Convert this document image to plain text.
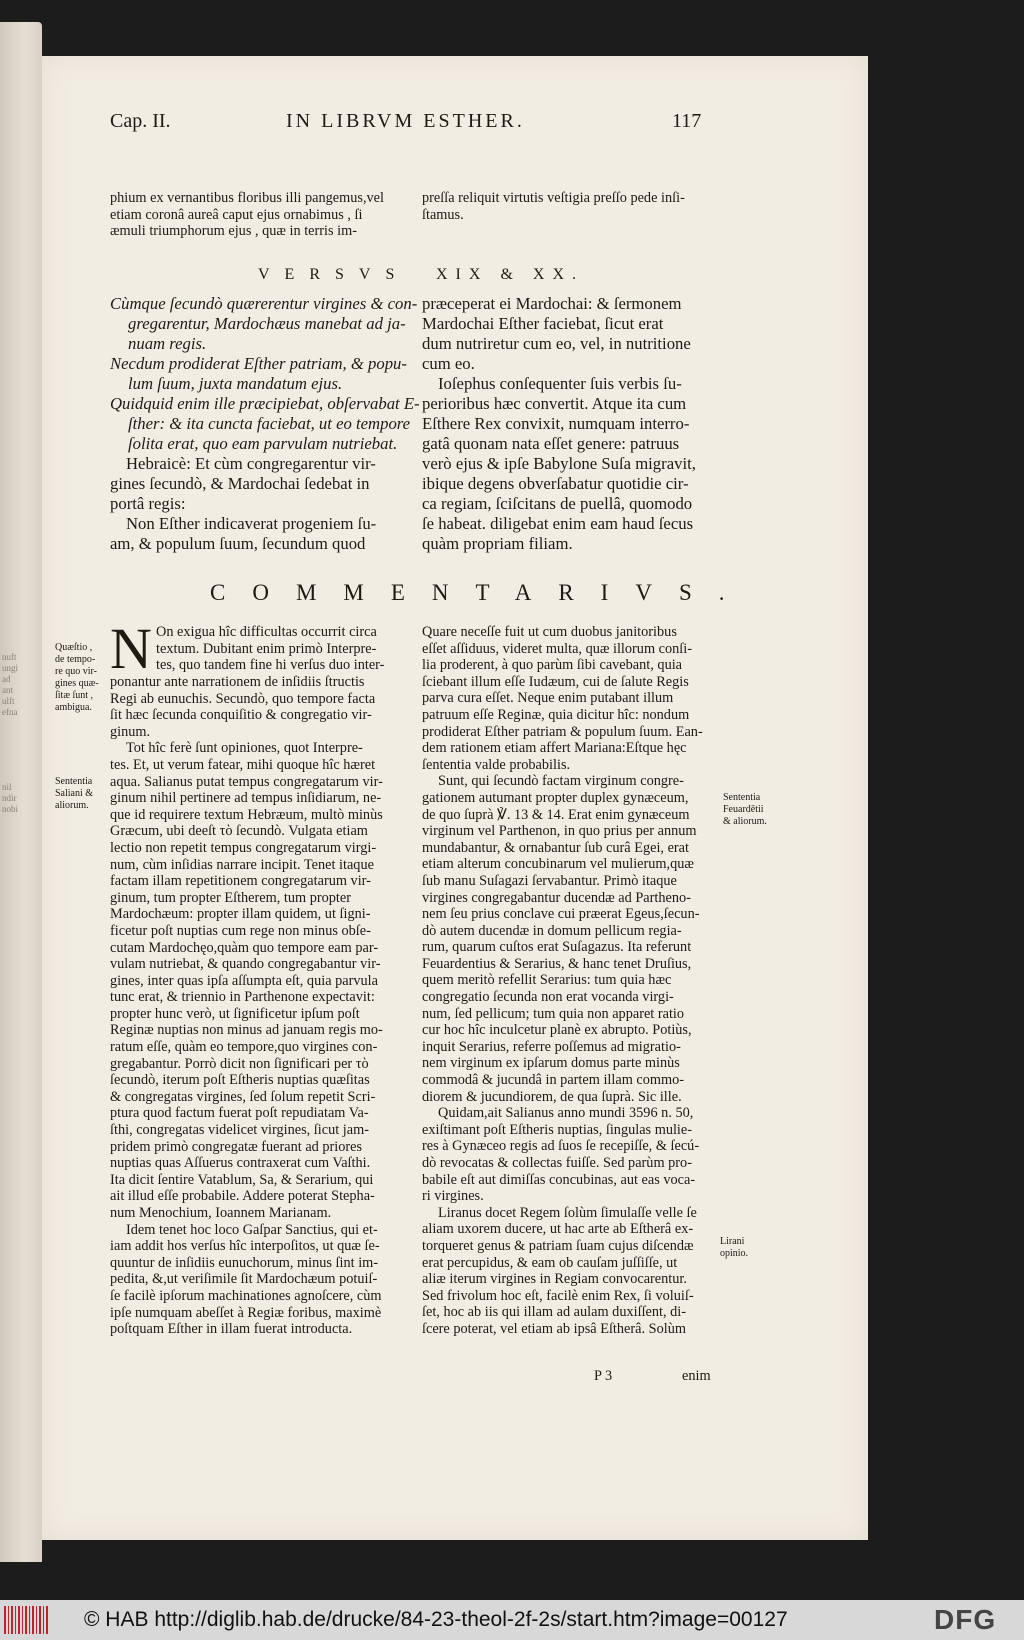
nuft
ungi
ad
ant
ulft
efna
nil
ndir
nobi
Cap. II.	IN LIBRVM ESTHER.	117
phium ex vernantibus floribus illi pangemus,vel
etiam coronâ aureâ caput ejus ornabimus , ſi
æmuli triumphorum ejus , quæ in terris im-
preſſa reliquit virtutis veſtigia preſſo pede inſi-
ſtamus.
VERSVS XIX & XX.
Cùmque ſecundò quærerentur virgines & con-
gregarentur, Mardochæus manebat ad ja-
nuam regis.
Necdum prodiderat Eſther patriam, & popu-
lum ſuum, juxta mandatum ejus.
Quidquid enim ille præcipiebat, obſervabat E-
ſther: & ita cuncta faciebat, ut eo tempore
ſolita erat, quo eam parvulam nutriebat.
Hebraicè: Et cùm congregarentur vir-
gines ſecundò, & Mardochai ſedebat in
portâ regis:
Non Eſther indicaverat progeniem ſu-
am, & populum ſuum, ſecundum quod
præceperat ei Mardochai: & ſermonem
Mardochai Eſther faciebat, ſicut erat
dum nutriretur cum eo, vel, in nutritione
cum eo.
Ioſephus conſequenter ſuis verbis ſu-
perioribus hæc convertit. Atque ita cum
Eſthere Rex convixit, numquam interro-
gatâ quonam nata eſſet genere: patruus
verò ejus & ipſe Babylone Suſa migravit,
ibique degens obverſabatur quotidie cir-
ca regiam, ſciſcitans de puellâ, quomodo
ſe habeat. diligebat enim eam haud ſecus
quàm propriam filiam.
COMMENTARIVS.
N On exigua hîc difficultas occurrit circa
textum. Dubitant enim primò Interpre-
tes, quo tandem fine hi verſus duo inter-
ponantur ante narrationem de inſidiis ſtructis
Regi ab eunuchis. Secundò, quo tempore facta
ſit hæc ſecunda conquiſitio & congregatio vir-
ginum.
Tot hîc ferè ſunt opiniones, quot Interpre-
tes. Et, ut verum fatear, mihi quoque hîc hæret
aqua. Salianus putat tempus congregatarum vir-
ginum nihil pertinere ad tempus inſidiarum, ne-
que id requirere textum Hebræum, multò minùs
Græcum, ubi deeſt τὸ ſecundò. Vulgata etiam
lectio non repetit tempus congregatarum virgi-
num, cùm inſidias narrare incipit. Tenet itaque
factam illam repetitionem congregatarum vir-
ginum, tum propter Eſtherem, tum propter
Mardochæum: propter illam quidem, ut ſigni-
ficetur poſt nuptias cum rege non minus obſe-
cutam Mardochęo,quàm quo tempore eam par-
vulam nutriebat, & quando congregabantur vir-
gines, inter quas ipſa aſſumpta eſt, quia parvula
tunc erat, & triennio in Parthenone expectavit:
propter hunc verò, ut ſignificetur ipſum poſt
Reginæ nuptias non minus ad januam regis mo-
ratum eſſe, quàm eo tempore,quo virgines con-
gregabantur. Porrò dicit non ſignificari per τὸ
ſecundò, iterum poſt Eſtheris nuptias quæſitas
& congregatas virgines, ſed ſolum repetit Scri-
ptura quod factum fuerat poſt repudiatam Va-
ſthi, congregatas videlicet virgines, ſicut jam-
pridem primò congregatæ fuerant ad priores
nuptias quas Aſſuerus contraxerat cum Vaſthi.
Ita dicit ſentire Vatablum, Sa, & Serarium, qui
ait illud eſſe probabile. Addere poterat Stepha-
num Menochium, Ioannem Marianam.
Idem tenet hoc loco Gaſpar Sanctius, qui et-
iam addit hos verſus hîc interpoſitos, ut quæ ſe-
quuntur de inſidiis eunuchorum, minus ſint im-
pedita, &,ut veriſimile ſit Mardochæum potuiſ-
ſe facilè ipſorum machinationes agnoſcere, cùm
ipſe numquam abeſſet à Regiæ foribus, maximè
poſtquam Eſther in illam fuerat introducta.
Quare neceſſe fuit ut cum duobus janitoribus
eſſet aſſiduus, videret multa, quæ illorum conſi-
lia proderent, à quo parùm ſibi cavebant, quia
ſciebant illum eſſe Iudæum, cui de ſalute Regis
parva cura eſſet. Neque enim putabant illum
patruum eſſe Reginæ, quia dicitur hîc: nondum
prodiderat Eſther patriam & populum ſuum. Ean-
dem rationem etiam affert Mariana:Eſtque hęc
ſententia valde probabilis.
Sunt, qui ſecundò factam virginum congre-
gationem autumant propter duplex gynæceum,
de quo ſuprà ℣. 13 & 14. Erat enim gynæceum
virginum vel Parthenon, in quo prius per annum
mundabantur, & ornabantur ſub curâ Egei, erat
etiam alterum concubinarum vel mulierum,quæ
ſub manu Suſagazi ſervabantur. Primò itaque
virgines congregabantur ducendæ ad Partheno-
nem ſeu prius conclave cui præerat Egeus,ſecun-
dò autem ducendæ in domum pellicum regia-
rum, quarum cuſtos erat Suſagazus. Ita referunt
Feuardentius & Serarius, & hanc tenet Druſius,
quem meritò refellit Serarius: tum quia hæc
congregatio ſecunda non erat vocanda virgi-
num, ſed pellicum; tum quia non apparet ratio
cur hoc hîc inculcetur planè ex abrupto. Potiùs,
inquit Serarius, referre poſſemus ad migratio-
nem virginum ex ipſarum domus parte minùs
commodâ & jucundâ in partem illam commo-
diorem & jucundiorem, de qua ſuprà. Sic ille.
Quidam,ait Salianus anno mundi 3596 n. 50,
exiſtimant poſt Eſtheris nuptias, ſingulas mulie-
res à Gynæceo regis ad ſuos ſe recepiſſe, & ſecú-
dò revocatas & collectas fuiſſe. Sed parùm pro-
babile eſt aut dimiſſas concubinas, aut eas voca-
ri virgines.
Liranus docet Regem ſolùm ſimulaſſe velle ſe
aliam uxorem ducere, ut hac arte ab Eſtherâ ex-
torqueret genus & patriam ſuam cujus diſcendæ
erat percupidus, & eam ob cauſam juſſiſſe, ut
aliæ iterum virgines in Regiam convocarentur.
Sed frivolum hoc eſt, facilè enim Rex, ſi voluiſ-
ſet, hoc ab iis qui illam ad aulam duxiſſent, di-
ſcere poterat, vel etiam ab ipsâ Eſtherâ. Solùm
P 3	enim
Quæſtio ,
de tempo-
re quo vir-
gines quæ-
ſitæ ſunt ,
ambigua.
Sententia
Saliani &
aliorum.
Sententia
Feuardētii
& aliorum.
Lirani
opinio.
© HAB http://diglib.hab.de/drucke/84-23-theol-2f-2s/start.htm?image=00127	DFG
